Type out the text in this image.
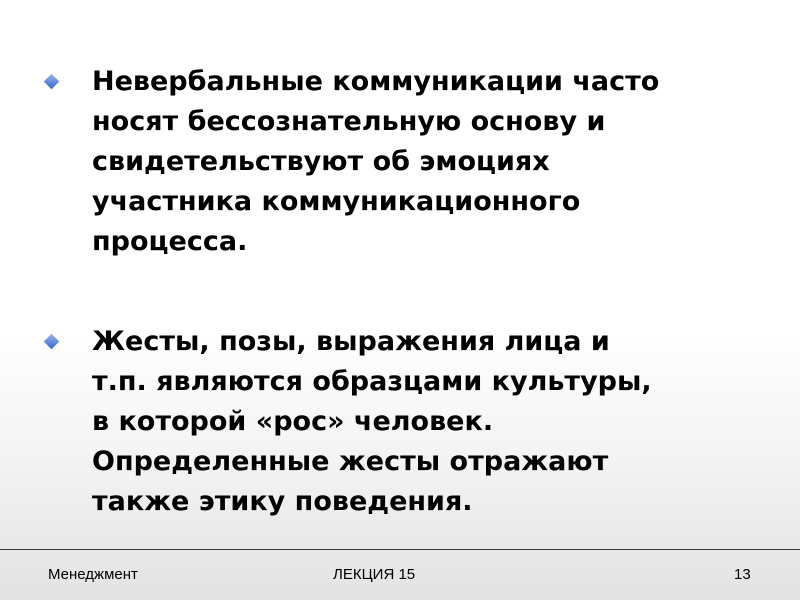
Невербальные коммуникации часто
носят бессознательную основу и
свидетельствуют об эмоциях
участника коммуникационного
процесса.
Жесты, позы, выражения лица и
т.п. являются образцами культуры,
в которой «рос» человек.
Определенные жесты отражают
также этику поведения.
Менеджмент	ЛЕКЦИЯ 15	13
